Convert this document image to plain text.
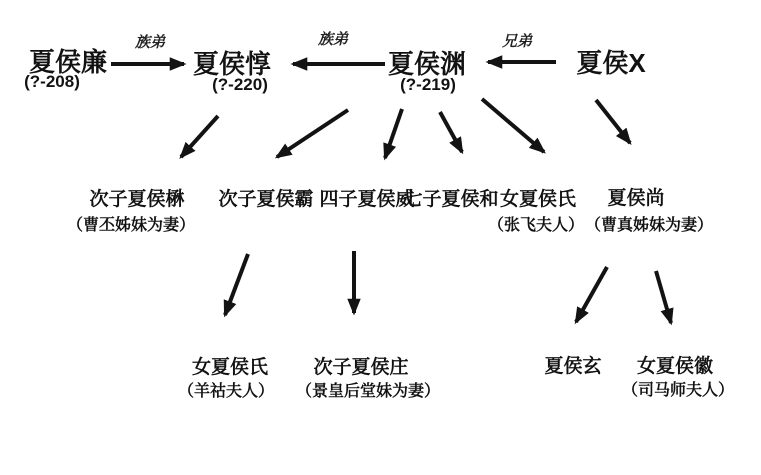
族弟	族弟	兄弟
夏侯廉
(?-208)
夏侯惇
(?-220)
夏侯渊
(?-219)
夏侯X
次子夏侯楙
（曹丕姊妹为妻）
次子夏侯霸 四子夏侯威
七子夏侯和 女夏侯氏
（张飞夫人）
夏侯尚
（曹真姊妹为妻）
女夏侯氏
（羊祜夫人）
次子夏侯庄
（景皇后堂妹为妻）
夏侯玄 女夏侯徽
（司马师夫人）
